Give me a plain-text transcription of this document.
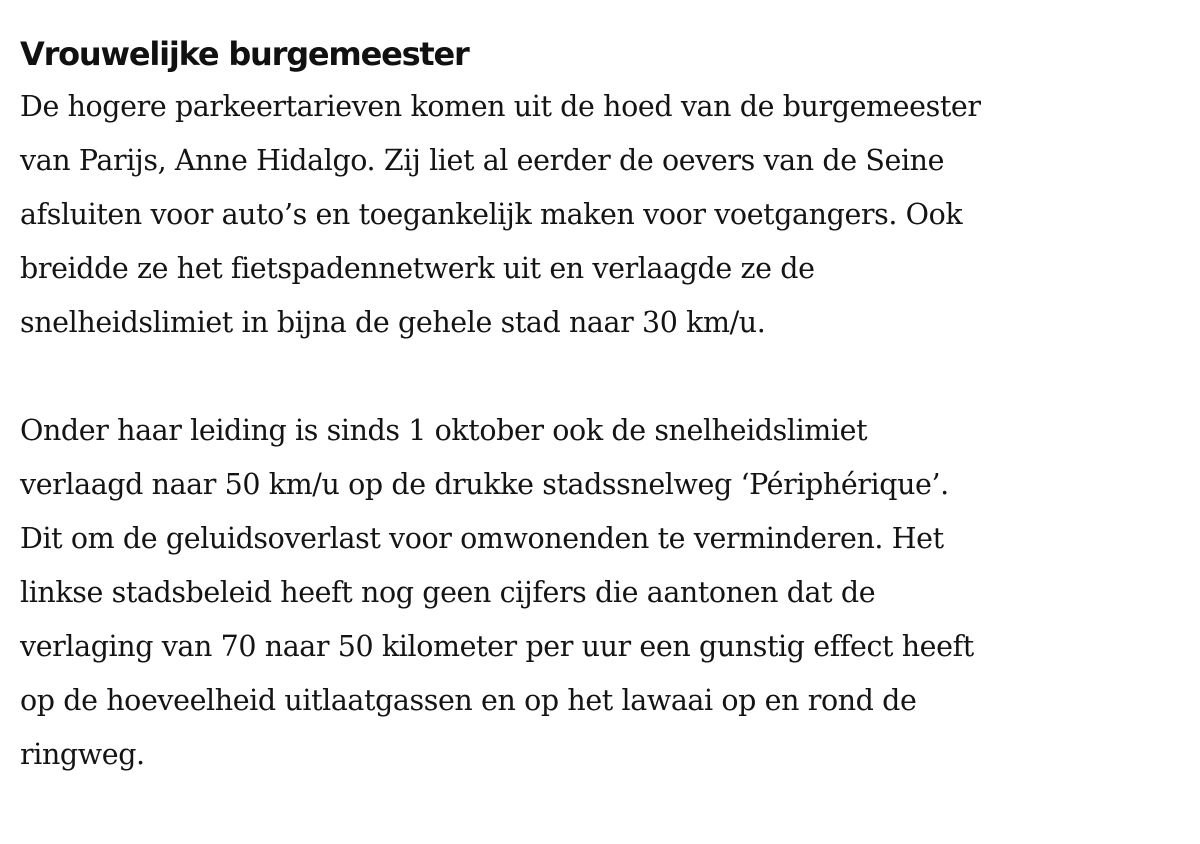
Vrouwelijke burgemeester

De hogere parkeertarieven komen uit de hoed van de burgemeester
van Parijs, Anne Hidalgo. Zij liet al eerder de oevers van de Seine
afsluiten voor auto’s en toegankelijk maken voor voetgangers. Ook
breidde ze het fietspadennetwerk uit en verlaagde ze de
snelheidslimiet in bijna de gehele stad naar 30 km/u.

Onder haar leiding is sinds 1 oktober ook de snelheidslimiet
verlaagd naar 50 km/u op de drukke stadssnelweg ‘Périphérique’.
Dit om de geluidsoverlast voor omwonenden te verminderen. Het
linkse stadsbeleid heeft nog geen cijfers die aantonen dat de
verlaging van 70 naar 50 kilometer per uur een gunstig effect heeft
op de hoeveelheid uitlaatgassen en op het lawaai op en rond de
ringweg.
